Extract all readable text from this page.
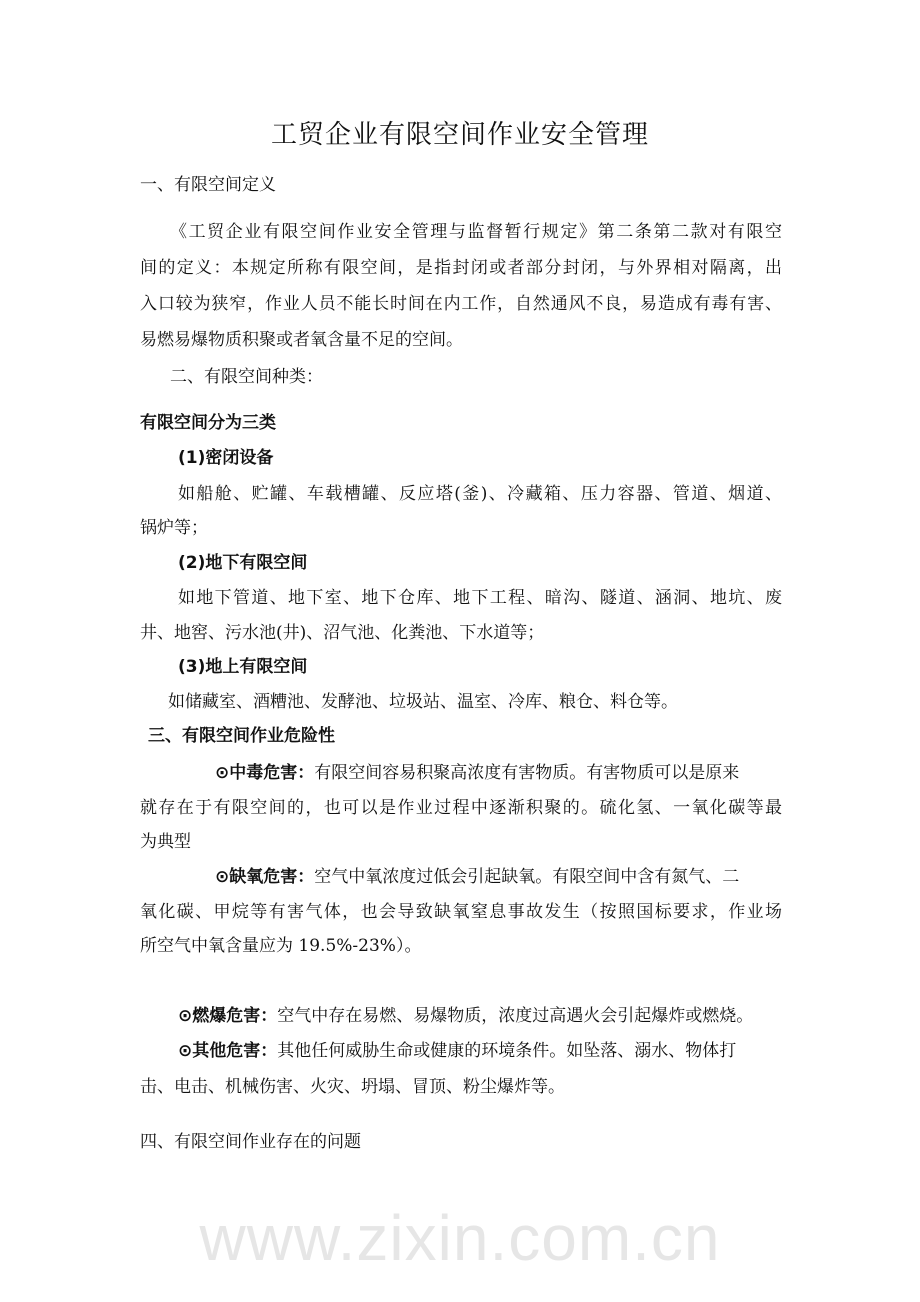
www.zixin.com.cn
工贸企业有限空间作业安全管理
一、有限空间定义
《工贸企业有限空间作业安全管理与监督暂行规定》第二条第二款对有限空
间的定义：本规定所称有限空间，是指封闭或者部分封闭，与外界相对隔离，出
入口较为狭窄，作业人员不能长时间在内工作，自然通风不良，易造成有毒有害、
易燃易爆物质积聚或者氧含量不足的空间。
二、有限空间种类：
有限空间分为三类
(1)密闭设备
如船舱、贮罐、车载槽罐、反应塔(釜)、冷藏箱、压力容器、管道、烟道、
锅炉等；
(2)地下有限空间
如地下管道、地下室、地下仓库、地下工程、暗沟、隧道、涵洞、地坑、废
井、地窖、污水池(井)、沼气池、化粪池、下水道等；
(3)地上有限空间
如储藏室、酒糟池、发酵池、垃圾站、温室、冷库、粮仓、料仓等。
三、有限空间作业危险性
⊙中毒危害：有限空间容易积聚高浓度有害物质。有害物质可以是原来
就存在于有限空间的，也可以是作业过程中逐渐积聚的。硫化氢、一氧化碳等最
为典型
⊙缺氧危害：空气中氧浓度过低会引起缺氧。有限空间中含有氮气、二
氧化碳、甲烷等有害气体，也会导致缺氧窒息事故发生（按照国标要求，作业场
所空气中氧含量应为 19.5%-23%）。
⊙燃爆危害：空气中存在易燃、易爆物质，浓度过高遇火会引起爆炸或燃烧。
⊙其他危害：其他任何威胁生命或健康的环境条件。如坠落、溺水、物体打
击、电击、机械伤害、火灾、坍塌、冒顶、粉尘爆炸等。
四、有限空间作业存在的问题
